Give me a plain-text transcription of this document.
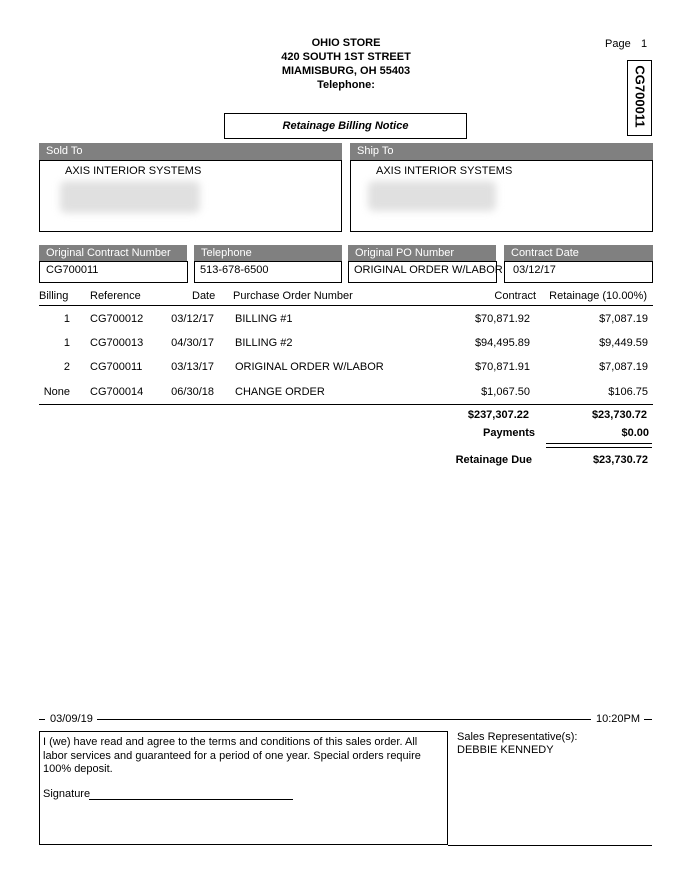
OHIO STORE
420 SOUTH 1ST STREET
MIAMISBURG, OH 55403
Telephone:
Page 1
CG700011
Retainage Billing Notice
Sold To
AXIS INTERIOR SYSTEMS
Ship To
AXIS INTERIOR SYSTEMS
Original Contract Number
CG700011
Telephone
513-678-6500
Original PO Number
ORIGINAL ORDER W/LABOR
Contract Date
03/12/17
Billing Reference	Date Purchase Order Number	Contract	Retainage (10.00%)
1 CG700012	03/12/17 BILLING #1	$70,871.92	$7,087.19
1 CG700013	04/30/17 BILLING #2	$94,495.89	$9,449.59
2 CG700011	03/13/17 ORIGINAL ORDER W/LABOR	$70,871.91	$7,087.19
None CG700014	06/30/18 CHANGE ORDER	$1,067.50	$106.75
$237,307.22	$23,730.72
Payments	$0.00
Retainage Due	$23,730.72
03/09/19	10:20PM
I (we) have read and agree to the terms and conditions of this sales order. All labor services and guaranteed for a period of one year. Special orders require 100% deposit.
Signature
Sales Representative(s):
DEBBIE KENNEDY
